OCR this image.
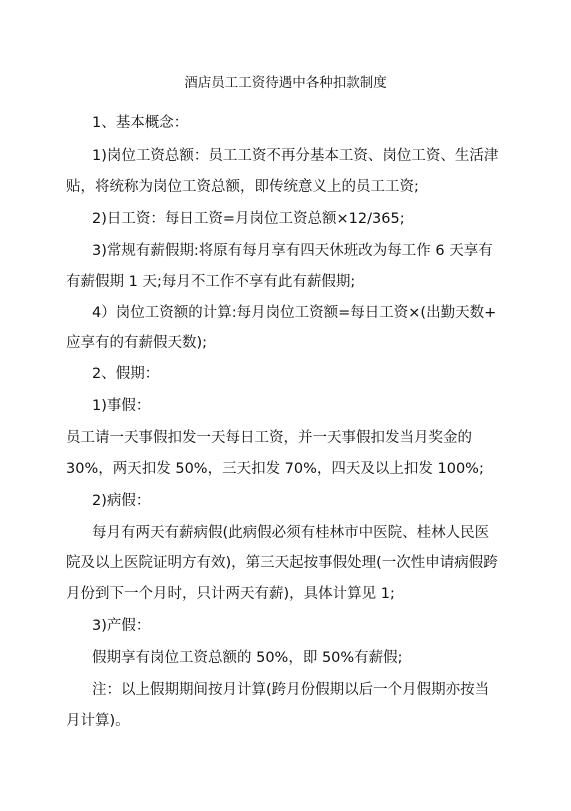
酒店员工工资待遇中各种扣款制度
1、基本概念：
1)岗位工资总额：员工工资不再分基本工资、岗位工资、生活津
贴，将统称为岗位工资总额，即传统意义上的员工工资;
2)日工资：每日工资=月岗位工资总额×12/365;
3)常规有薪假期:将原有每月享有四天休班改为每工作 6 天享有
有薪假期 1 天;每月不工作不享有此有薪假期;
4）岗位工资额的计算:每月岗位工资额=每日工资×(出勤天数+
应享有的有薪假天数);
2、假期：
1)事假：
员工请一天事假扣发一天每日工资，并一天事假扣发当月奖金的
30%，两天扣发 50%，三天扣发 70%，四天及以上扣发 100%;
2)病假：
每月有两天有薪病假(此病假必须有桂林市中医院、桂林人民医
院及以上医院证明方有效)，第三天起按事假处理(一次性申请病假跨
月份到下一个月时，只计两天有薪)，具体计算见 1;
3)产假：
假期享有岗位工资总额的 50%，即 50%有薪假;
注：以上假期期间按月计算(跨月份假期以后一个月假期亦按当
月计算)。
